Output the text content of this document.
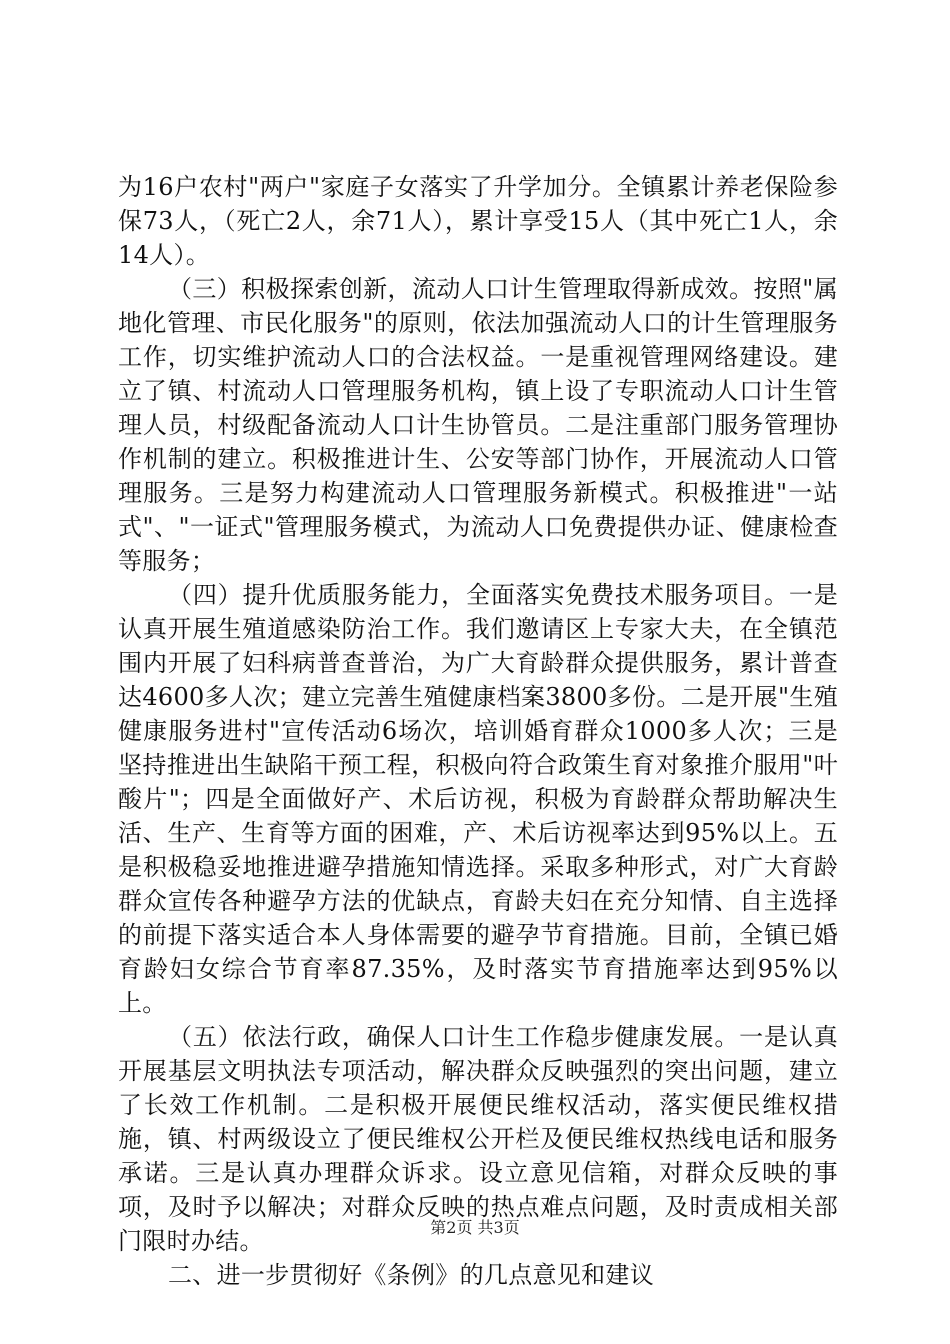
为16户农村"两户"家庭子女落实了升学加分。全镇累计养老保险参保73人，（死亡2人，余71人），累计享受15人（其中死亡1人，余14人）。

（三）积极探索创新，流动人口计生管理取得新成效。按照"属地化管理、市民化服务"的原则，依法加强流动人口的计生管理服务工作，切实维护流动人口的合法权益。一是重视管理网络建设。建立了镇、村流动人口管理服务机构，镇上设了专职流动人口计生管理人员，村级配备流动人口计生协管员。二是注重部门服务管理协作机制的建立。积极推进计生、公安等部门协作，开展流动人口管理服务。三是努力构建流动人口管理服务新模式。积极推进"一站式"、"一证式"管理服务模式，为流动人口免费提供办证、健康检查等服务；

（四）提升优质服务能力，全面落实免费技术服务项目。一是认真开展生殖道感染防治工作。我们邀请区上专家大夫，在全镇范围内开展了妇科病普查普治，为广大育龄群众提供服务，累计普查达4600多人次；建立完善生殖健康档案3800多份。二是开展"生殖健康服务进村"宣传活动6场次，培训婚育群众1000多人次；三是坚持推进出生缺陷干预工程，积极向符合政策生育对象推介服用"叶酸片"；四是全面做好产、术后访视，积极为育龄群众帮助解决生活、生产、生育等方面的困难，产、术后访视率达到95%以上。五是积极稳妥地推进避孕措施知情选择。采取多种形式，对广大育龄群众宣传各种避孕方法的优缺点，育龄夫妇在充分知情、自主选择的前提下落实适合本人身体需要的避孕节育措施。目前，全镇已婚育龄妇女综合节育率87.35%，及时落实节育措施率达到95%以上。

（五）依法行政，确保人口计生工作稳步健康发展。一是认真开展基层文明执法专项活动，解决群众反映强烈的突出问题，建立了长效工作机制。二是积极开展便民维权活动，落实便民维权措施，镇、村两级设立了便民维权公开栏及便民维权热线电话和服务承诺。三是认真办理群众诉求。设立意见信箱，对群众反映的事项，及时予以解决；对群众反映的热点难点问题，及时责成相关部门限时办结。

二、进一步贯彻好《条例》的几点意见和建议

第2页 共3页
